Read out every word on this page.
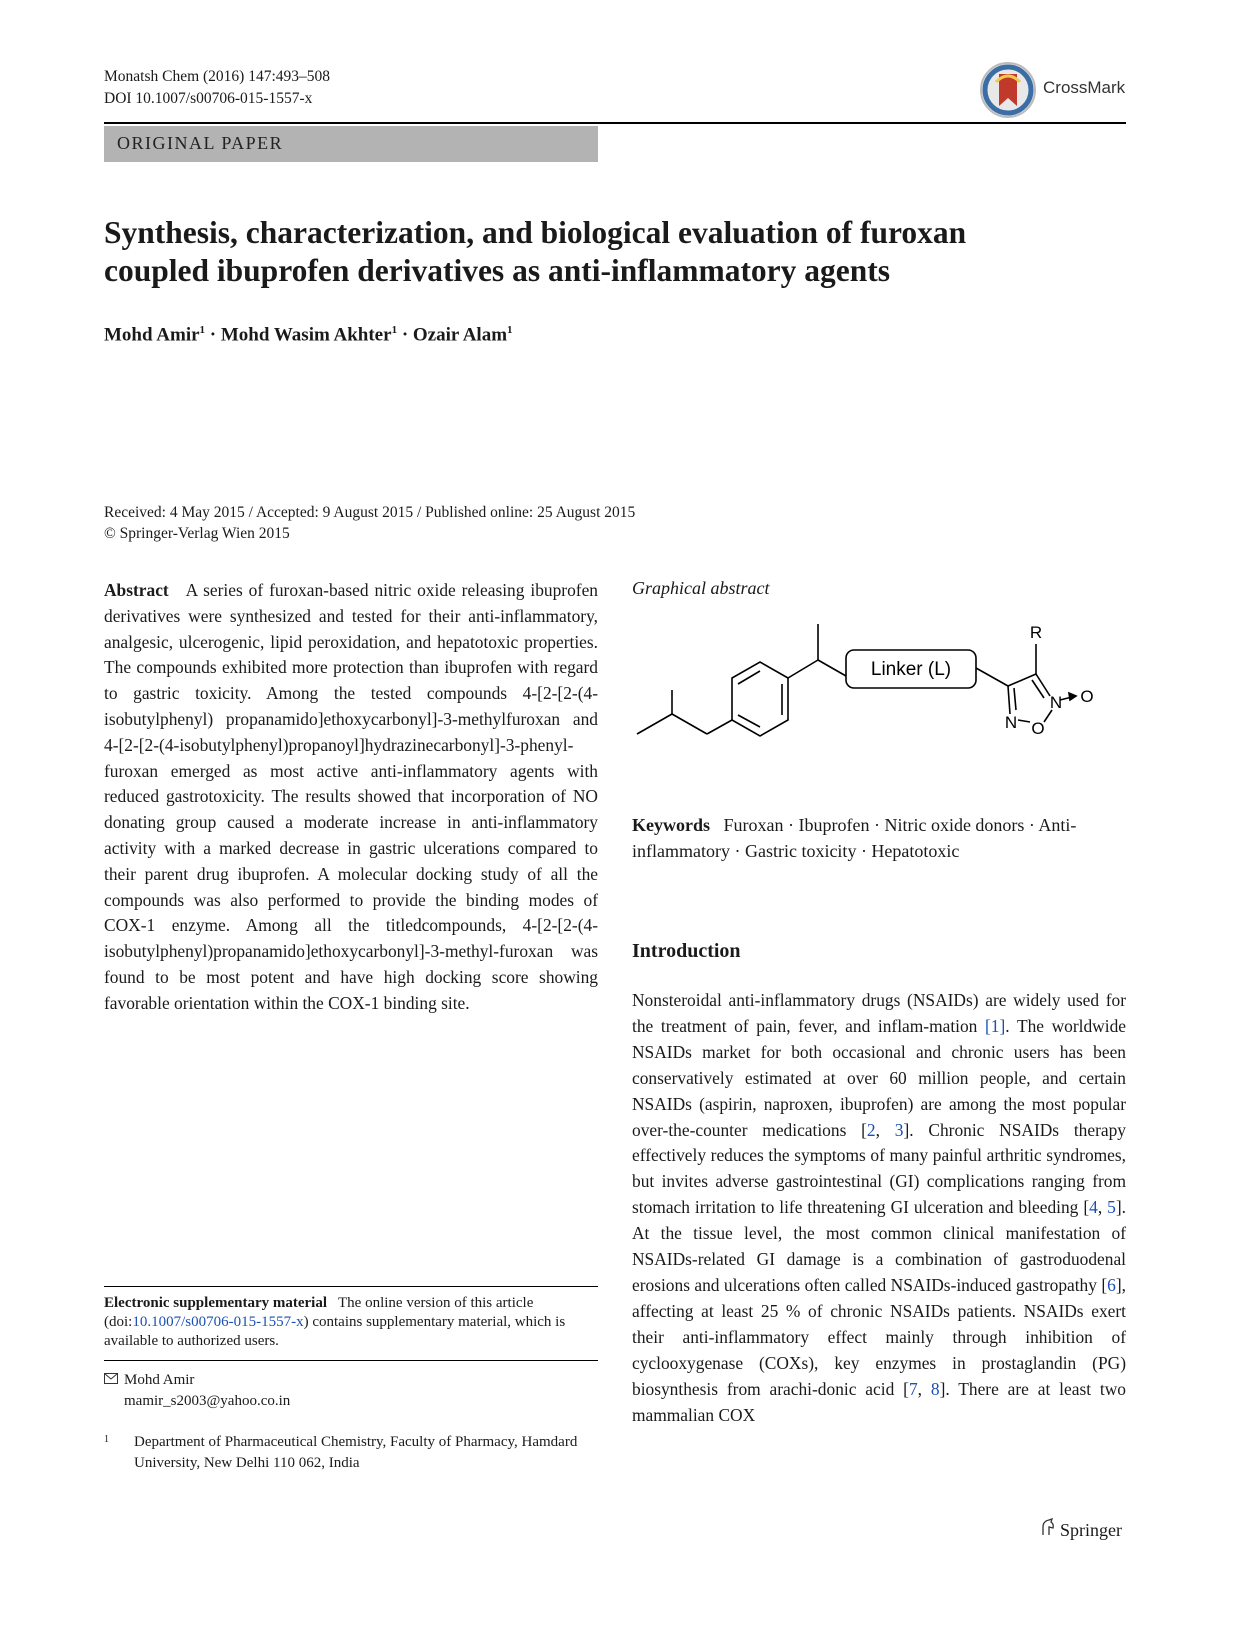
Monatsh Chem (2016) 147:493–508
DOI 10.1007/s00706-015-1557-x
CrossMark
ORIGINAL PAPER
Synthesis, characterization, and biological evaluation of furoxan
coupled ibuprofen derivatives as anti-inflammatory agents
Mohd Amir$^1$ · Mohd Wasim Akhter$^1$ · Ozair Alam$^1$
Received: 4 May 2015 / Accepted: 9 August 2015 / Published online: 25 August 2015
© Springer-Verlag Wien 2015
Abstract A series of furoxan-based nitric oxide releasing ibuprofen derivatives were synthesized and tested for their anti-inflammatory, analgesic, ulcerogenic, lipid peroxidation, and hepatotoxic properties. The compounds exhibited more protection than ibuprofen with regard to gastric toxicity. Among the tested compounds 4-[2-[2-(4-isobutylphenyl) propanamido]ethoxycarbonyl]-3-methylfuroxan and 4-[2-[2-(4-isobutylphenyl)propanoyl]hydrazinecarbonyl]-3-phenyl-furoxan emerged as most active anti-inflammatory agents with reduced gastrotoxicity. The results showed that incorporation of NO donating group caused a moderate increase in anti-inflammatory activity with a marked decrease in gastric ulcerations compared to their parent drug ibuprofen. A molecular docking study of all the compounds was also performed to provide the binding modes of COX-1 enzyme. Among all the titledcompounds, 4-[2-[2-(4-isobutylphenyl)propanamido]ethoxycarbonyl]-3-methyl-furoxan was found to be most potent and have high docking score showing favorable orientation within the COX-1 binding site.
Graphical abstract
Linker (L)
R
N
N O
O
Keywords Furoxan · Ibuprofen · Nitric oxide donors · Anti-inflammatory · Gastric toxicity · Hepatotoxic
Introduction
Nonsteroidal anti-inflammatory drugs (NSAIDs) are widely used for the treatment of pain, fever, and inflam-mation [1]. The worldwide NSAIDs market for both occasional and chronic users has been conservatively estimated at over 60 million people, and certain NSAIDs (aspirin, naproxen, ibuprofen) are among the most popular over-the-counter medications [2, 3]. Chronic NSAIDs therapy effectively reduces the symptoms of many painful arthritic syndromes, but invites adverse gastrointestinal (GI) complications ranging from stomach irritation to life threatening GI ulceration and bleeding [4, 5]. At the tissue level, the most common clinical manifestation of NSAIDs-related GI damage is a combination of gastroduodenal erosions and ulcerations often called NSAIDs-induced gastropathy [6], affecting at least 25 % of chronic NSAIDs patients. NSAIDs exert their anti-inflammatory effect mainly through inhibition of cyclooxygenase (COXs), key enzymes in prostaglandin (PG) biosynthesis from arachi-donic acid [7, 8]. There are at least two mammalian COX
Electronic supplementary material The online version of this article (doi:10.1007/s00706-015-1557-x) contains supplementary material, which is available to authorized users.
Mohd Amir
mamir_s2003@yahoo.co.in
1 Department of Pharmaceutical Chemistry, Faculty of Pharmacy, Hamdard University, New Delhi 110 062, India
Springer
